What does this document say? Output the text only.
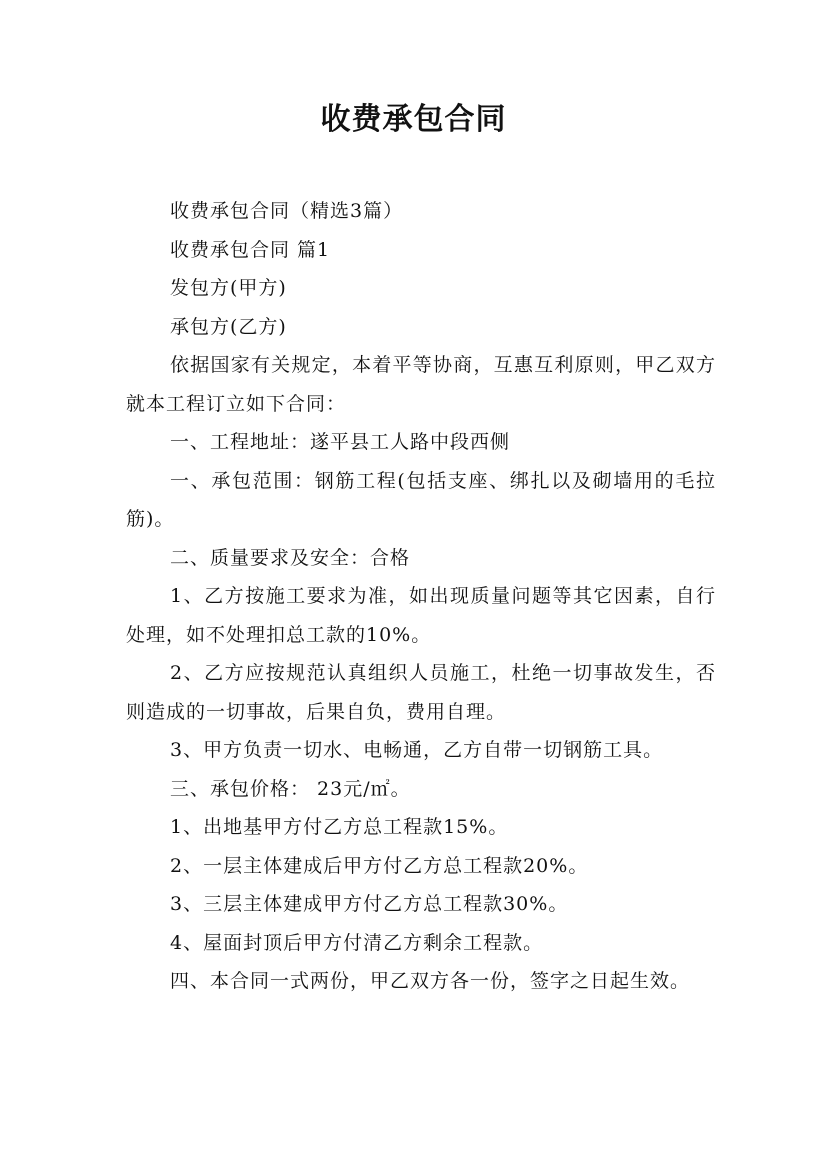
收费承包合同

收费承包合同（精选3篇）

收费承包合同 篇1

发包方(甲方)

承包方(乙方)

依据国家有关规定，本着平等协商，互惠互利原则，甲乙双方就本工程订立如下合同：

一、工程地址：遂平县工人路中段西侧

一、承包范围：钢筋工程(包括支座、绑扎以及砌墙用的毛拉筋)。

二、质量要求及安全：合格

1、乙方按施工要求为准，如出现质量问题等其它因素，自行处理，如不处理扣总工款的10%。

2、乙方应按规范认真组织人员施工，杜绝一切事故发生，否则造成的一切事故，后果自负，费用自理。

3、甲方负责一切水、电畅通，乙方自带一切钢筋工具。

三、承包价格： 23元/㎡。

1、出地基甲方付乙方总工程款15%。

2、一层主体建成后甲方付乙方总工程款20%。

3、三层主体建成甲方付乙方总工程款30%。

4、屋面封顶后甲方付清乙方剩余工程款。

四、本合同一式两份，甲乙双方各一份，签字之日起生效。
